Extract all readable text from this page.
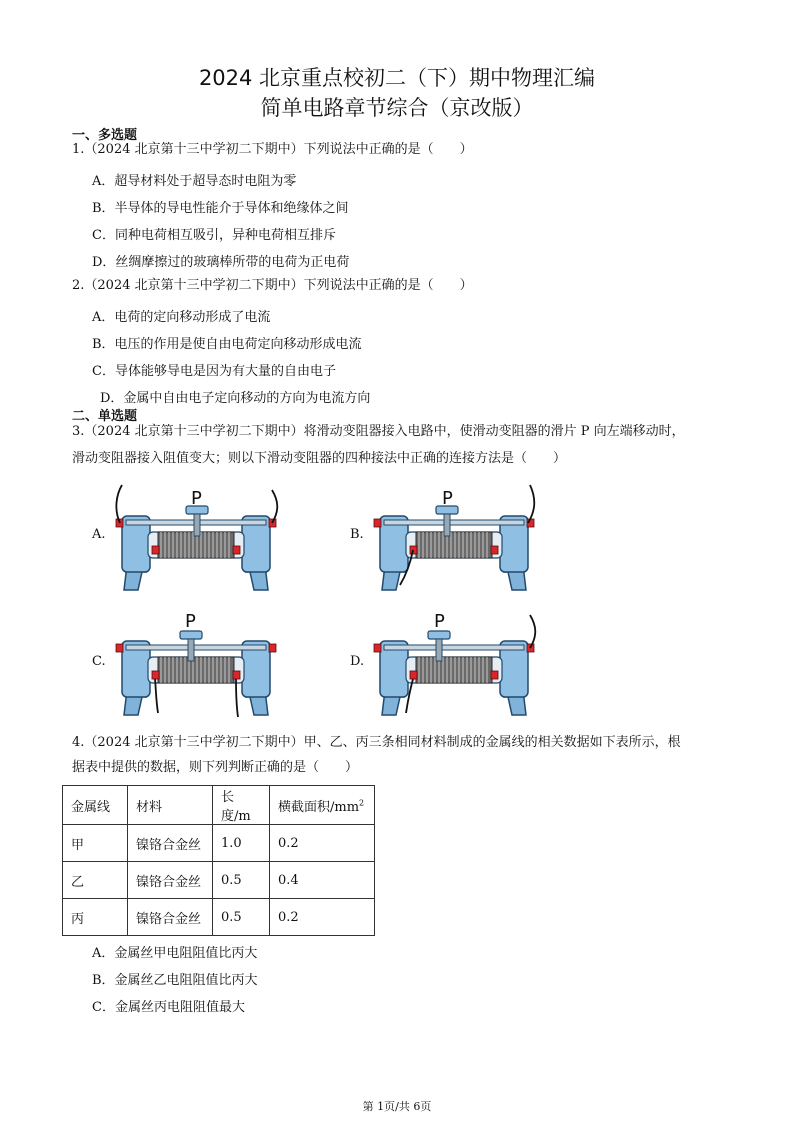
2024 北京重点校初二（下）期中物理汇编
简单电路章节综合（京改版）
一、多选题
1.（2024 北京第十三中学初二下期中）下列说法中正确的是（　　）
A．超导材料处于超导态时电阻为零
B．半导体的导电性能介于导体和绝缘体之间
C．同种电荷相互吸引，异种电荷相互排斥
D．丝绸摩擦过的玻璃棒所带的电荷为正电荷
2.（2024 北京第十三中学初二下期中）下列说法中正确的是（　　）
A．电荷的定向移动形成了电流
B．电压的作用是使自由电荷定向移动形成电流
C．导体能够导电是因为有大量的自由电子
D．金属中自由电子定向移动的方向为电流方向
二、单选题
3.（2024 北京第十三中学初二下期中）将滑动变阻器接入电路中，使滑动变阻器的滑片 P 向左端移动时，
滑动变阻器接入阻值变大；则以下滑动变阻器的四种接法中正确的连接方法是（　　）
A.
P
B.
P
C.
P
D.
P
4.（2024 北京第十三中学初二下期中）甲、乙、丙三条相同材料制成的金属线的相关数据如下表所示，根
据表中提供的数据，则下列判断正确的是（　　）
金属线	材料	长度/m	横截面积$/mm^2$
甲	镍铬合金丝	1.0	0.2
乙	镍铬合金丝	0.5	0.4
丙	镍铬合金丝	0.5	0.2
A．金属丝甲电阻阻值比丙大
B．金属丝乙电阻阻值比丙大
C．金属丝丙电阻阻值最大
第 1页/共 6页
